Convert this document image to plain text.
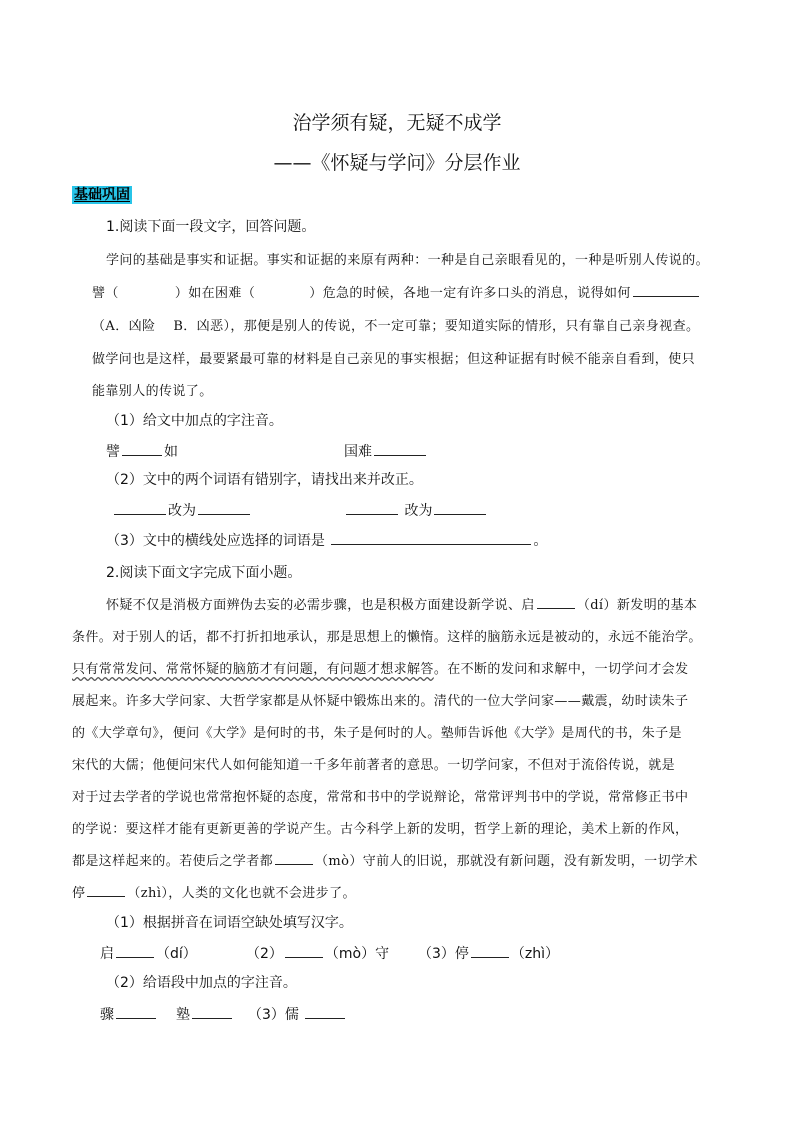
治学须有疑，无疑不成学
——《怀疑与学问》分层作业
基础巩固
1.阅读下面一段文字，回答问题。
学问的基础是事实和证据。事实和证据的来原有两种：一种是自己亲眼看见的，一种是听别人传说的。
譬（	）如在困难（	）危急的时候，各地一定有许多口头的消息，说得如何
（A．凶险　 B．凶恶），那便是别人的传说，不一定可靠；要知道实际的情形，只有靠自己亲身视查。
做学问也是这样，最要紧最可靠的材料是自己亲见的事实根据；但这种证据有时候不能亲自看到，使只
能靠别人的传说了。
（1）给文中加点的字注音。
譬	如	国难
（2）文中的两个词语有错别字，请找出来并改正。
改为	改为
（3）文中的横线处应选择的词语是	。
2.阅读下面文字完成下面小题。
怀疑不仅是消极方面辨伪去妄的必需步骤，也是积极方面建设新学说、启	（dí）新发明的基本
条件。对于别人的话，都不打折扣地承认，那是思想上的懒惰。这样的脑筋永远是被动的，永远不能治学。
只有常常发问、常常怀疑的脑筋才有问题，有问题才想求解答。在不断的发问和求解中，一切学问才会发
展起来。许多大学问家、大哲学家都是从怀疑中锻炼出来的。清代的一位大学问家——戴震，幼时读朱子
的《大学章句》，便问《大学》是何时的书，朱子是何时的人。塾师告诉他《大学》是周代的书，朱子是
宋代的大儒；他便问宋代人如何能知道一千多年前著者的意思。一切学问家，不但对于流俗传说，就是
对于过去学者的学说也常常抱怀疑的态度，常常和书中的学说辩论，常常评判书中的学说，常常修正书中
的学说：要这样才能有更新更善的学说产生。古今科学上新的发明，哲学上新的理论，美术上新的作风，
都是这样起来的。若使后之学者都	（mò）守前人的旧说，那就没有新问题，没有新发明，一切学术
停	（zhì），人类的文化也就不会进步了。
（1）根据拼音在词语空缺处填写汉字。
启	（dí）	（2）	（mò）守 （3）停	（zhì）
（2）给语段中加点的字注音。
骤	塾	（3）儒
